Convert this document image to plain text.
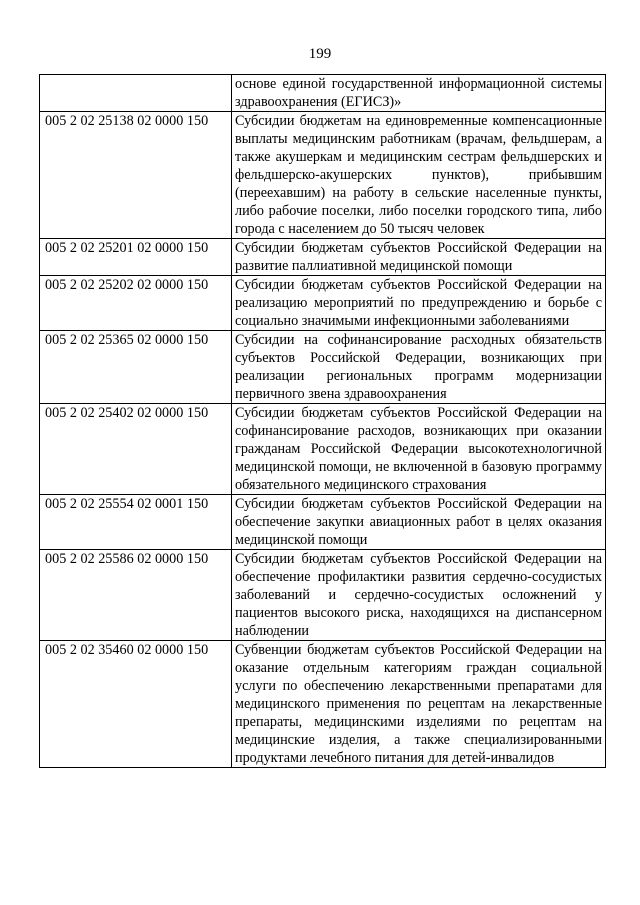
199
	основе единой государственной информационной системы здравоохранения (ЕГИСЗ)»
005 2 02 25138 02 0000 150	Субсидии бюджетам на единовременные компенсационные выплаты медицинским работникам (врачам, фельдшерам, а также акушеркам и медицинским сестрам фельдшерских и фельдшерско-акушерских пунктов), прибывшим (переехавшим) на работу в сельские населенные пункты, либо рабочие поселки, либо поселки городского типа, либо города с населением до 50 тысяч человек
005 2 02 25201 02 0000 150	Субсидии бюджетам субъектов Российской Федерации на развитие паллиативной медицинской помощи
005 2 02 25202 02 0000 150	Субсидии бюджетам субъектов Российской Федерации на реализацию мероприятий по предупреждению и борьбе с социально значимыми инфекционными заболеваниями
005 2 02 25365 02 0000 150	Субсидии на софинансирование расходных обязательств субъектов Российской Федерации, возникающих при реализации региональных программ модернизации первичного звена здравоохранения
005 2 02 25402 02 0000 150	Субсидии бюджетам субъектов Российской Федерации на софинансирование расходов, возникающих при оказании гражданам Российской Федерации высокотехнологичной медицинской помощи, не включенной в базовую программу обязательного медицинского страхования
005 2 02 25554 02 0001 150	Субсидии бюджетам субъектов Российской Федерации на обеспечение закупки авиационных работ в целях оказания медицинской помощи
005 2 02 25586 02 0000 150	Субсидии бюджетам субъектов Российской Федерации на обеспечение профилактики развития сердечно-сосудистых заболеваний и сердечно-сосудистых осложнений у пациентов высокого риска, находящихся на диспансерном наблюдении
005 2 02 35460 02 0000 150	Субвенции бюджетам субъектов Российской Федерации на оказание отдельным категориям граждан социальной услуги по обеспечению лекарственными препаратами для медицинского применения по рецептам на лекарственные препараты, медицинскими изделиями по рецептам на медицинские изделия, а также специализированными продуктами лечебного питания для детей-инвалидов
